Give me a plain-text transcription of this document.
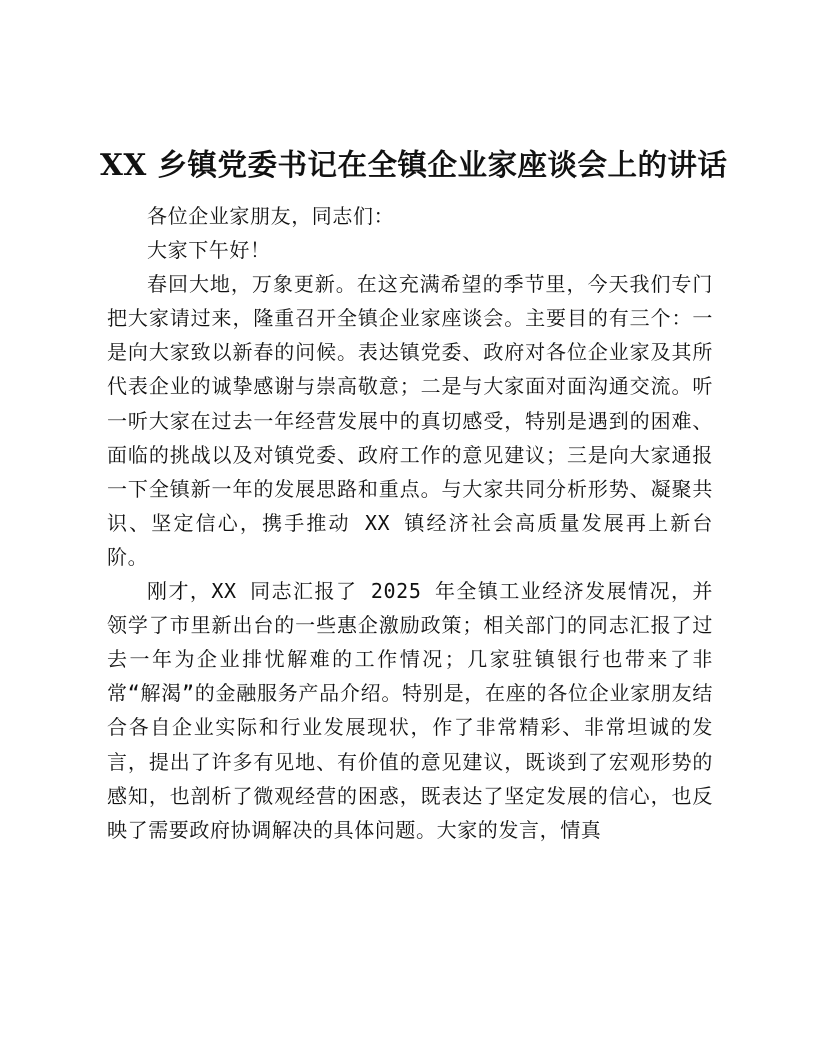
XX 乡镇党委书记在全镇企业家座谈会上的讲话

各位企业家朋友，同志们：

大家下午好！

春回大地，万象更新。在这充满希望的季节里，今天我们专门把大家请过来，隆重召开全镇企业家座谈会。主要目的有三个：一是向大家致以新春的问候。表达镇党委、政府对各位企业家及其所代表企业的诚挚感谢与崇高敬意；二是与大家面对面沟通交流。听一听大家在过去一年经营发展中的真切感受，特别是遇到的困难、面临的挑战以及对镇党委、政府工作的意见建议；三是向大家通报一下全镇新一年的发展思路和重点。与大家共同分析形势、凝聚共识、坚定信心，携手推动 XX 镇经济社会高质量发展再上新台阶。

刚才，XX 同志汇报了 2025 年全镇工业经济发展情况，并领学了市里新出台的一些惠企激励政策；相关部门的同志汇报了过去一年为企业排忧解难的工作情况；几家驻镇银行也带来了非常“解渴”的金融服务产品介绍。特别是，在座的各位企业家朋友结合各自企业实际和行业发展现状，作了非常精彩、非常坦诚的发言，提出了许多有见地、有价值的意见建议，既谈到了宏观形势的感知，也剖析了微观经营的困惑，既表达了坚定发展的信心，也反映了需要政府协调解决的具体问题。大家的发言，情真
